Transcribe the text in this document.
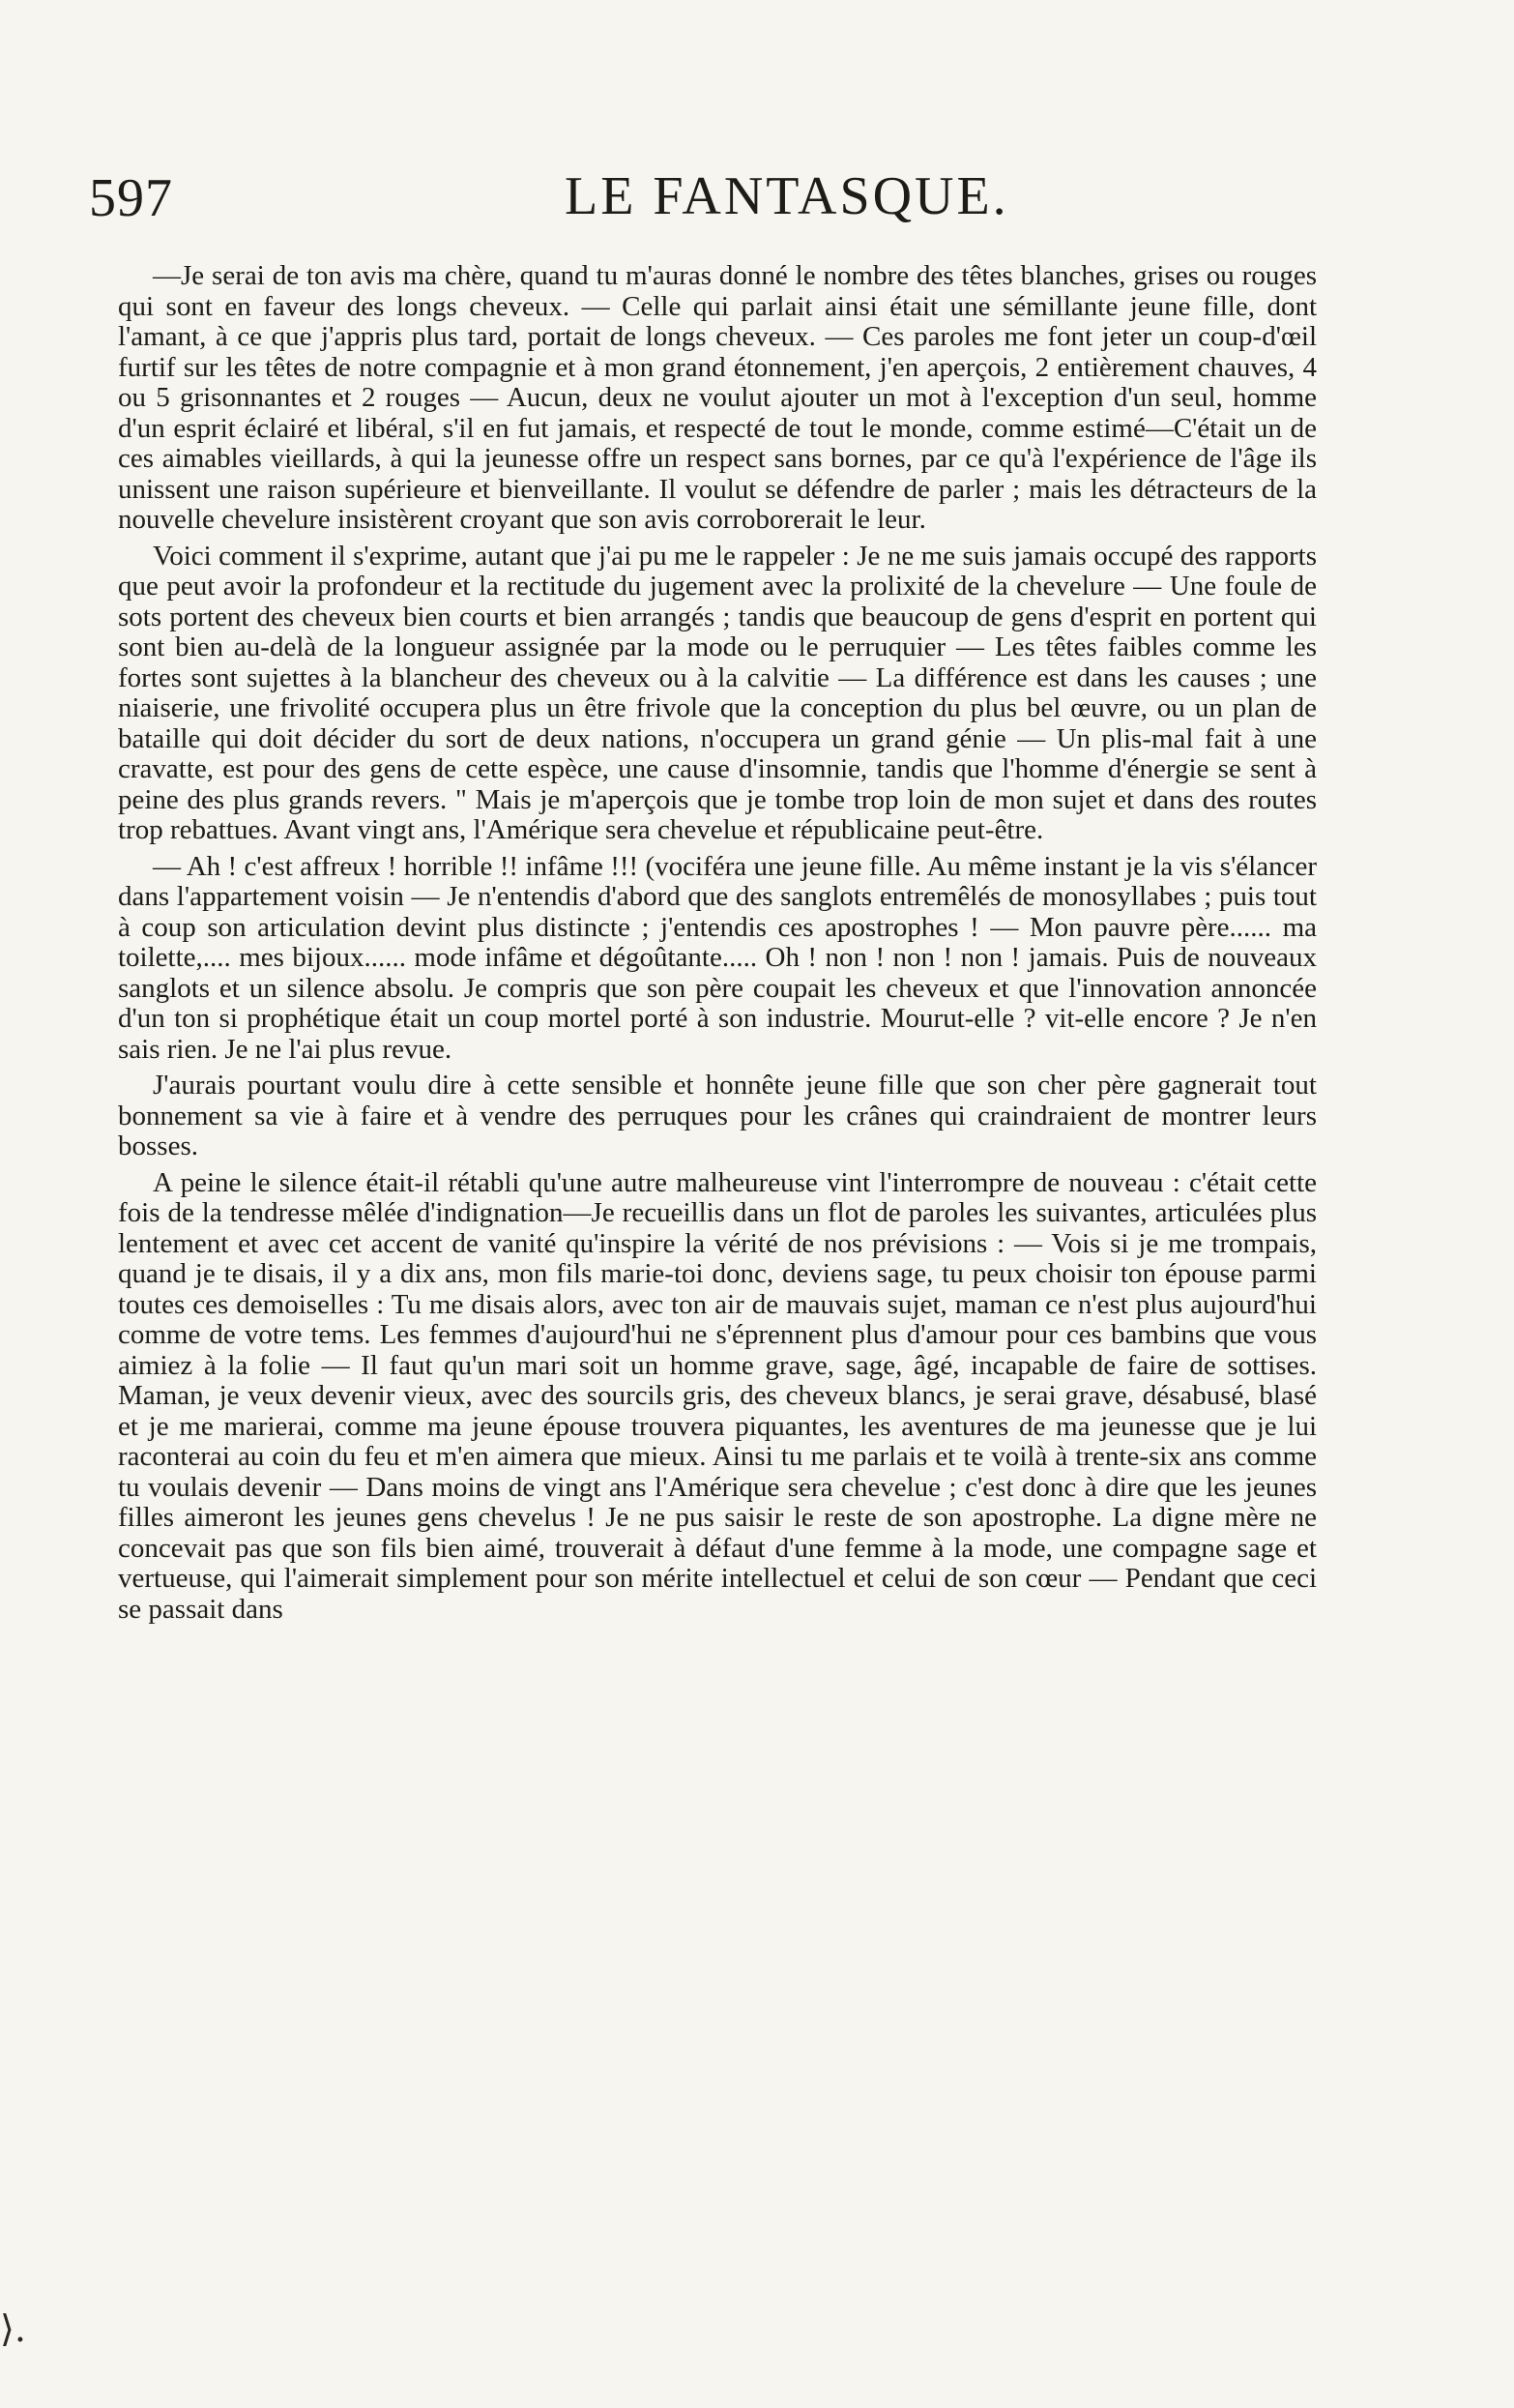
597	LE FANTASQUE.

—Je serai de ton avis ma chère, quand tu m'auras donné le nombre des têtes blanches, grises ou rouges qui sont en faveur des longs cheveux. — Celle qui parlait ainsi était une sémillante jeune fille, dont l'amant, à ce que j'appris plus tard, portait de longs cheveux. — Ces paroles me font jeter un coup-d'œil furtif sur les têtes de notre compagnie et à mon grand étonnement, j'en aperçois, 2 entièrement chauves, 4 ou 5 grisonnantes et 2 rouges — Aucun, deux ne voulut ajouter un mot à l'exception d'un seul, homme d'un esprit éclairé et libéral, s'il en fut jamais, et respecté de tout le monde, comme estimé—C'était un de ces aimables vieillards, à qui la jeunesse offre un respect sans bornes, par ce qu'à l'expérience de l'âge ils unissent une raison supérieure et bienveillante. Il voulut se défendre de parler ; mais les détracteurs de la nouvelle chevelure insistèrent croyant que son avis corroborerait le leur.

Voici comment il s'exprime, autant que j'ai pu me le rappeler : Je ne me suis jamais occupé des rapports que peut avoir la profondeur et la rectitude du jugement avec la prolixité de la chevelure — Une foule de sots portent des cheveux bien courts et bien arrangés ; tandis que beaucoup de gens d'esprit en portent qui sont bien au-delà de la longueur assignée par la mode ou le perruquier — Les têtes faibles comme les fortes sont sujettes à la blancheur des cheveux ou à la calvitie — La différence est dans les causes ; une niaiserie, une frivolité occupera plus un être frivole que la conception du plus bel œuvre, ou un plan de bataille qui doit décider du sort de deux nations, n'occupera un grand génie — Un plis-mal fait à une cravatte, est pour des gens de cette espèce, une cause d'insomnie, tandis que l'homme d'énergie se sent à peine des plus grands revers. " Mais je m'aperçois que je tombe trop loin de mon sujet et dans des routes trop rebattues. Avant vingt ans, l'Amérique sera chevelue et républicaine peut-être.

— Ah ! c'est affreux ! horrible !! infâme !!! (vociféra une jeune fille. Au même instant je la vis s'élancer dans l'appartement voisin — Je n'entendis d'abord que des sanglots entremêlés de monosyllabes ; puis tout à coup son articulation devint plus distincte ; j'entendis ces apostrophes ! — Mon pauvre père...... ma toilette,.... mes bijoux...... mode infâme et dégoûtante..... Oh ! non ! non ! non ! jamais. Puis de nouveaux sanglots et un silence absolu. Je compris que son père coupait les cheveux et que l'innovation annoncée d'un ton si prophétique était un coup mortel porté à son industrie. Mourut-elle ? vit-elle encore ? Je n'en sais rien. Je ne l'ai plus revue.

J'aurais pourtant voulu dire à cette sensible et honnête jeune fille que son cher père gagnerait tout bonnement sa vie à faire et à vendre des perruques pour les crânes qui craindraient de montrer leurs bosses.

A peine le silence était-il rétabli qu'une autre malheureuse vint l'interrompre de nouveau : c'était cette fois de la tendresse mêlée d'indignation—Je recueillis dans un flot de paroles les suivantes, articulées plus lentement et avec cet accent de vanité qu'inspire la vérité de nos prévisions : — Vois si je me trompais, quand je te disais, il y a dix ans, mon fils marie-toi donc, deviens sage, tu peux choisir ton épouse parmi toutes ces demoiselles : Tu me disais alors, avec ton air de mauvais sujet, maman ce n'est plus aujourd'hui comme de votre tems. Les femmes d'aujourd'hui ne s'éprennent plus d'amour pour ces bambins que vous aimiez à la folie — Il faut qu'un mari soit un homme grave, sage, âgé, incapable de faire de sottises. Maman, je veux devenir vieux, avec des sourcils gris, des cheveux blancs, je serai grave, désabusé, blasé et je me marierai, comme ma jeune épouse trouvera piquantes, les aventures de ma jeunesse que je lui raconterai au coin du feu et m'en aimera que mieux. Ainsi tu me parlais et te voilà à trente-six ans comme tu voulais devenir — Dans moins de vingt ans l'Amérique sera chevelue ; c'est donc à dire que les jeunes filles aimeront les jeunes gens chevelus ! Je ne pus saisir le reste de son apostrophe. La digne mère ne concevait pas que son fils bien aimé, trouverait à défaut d'une femme à la mode, une compagne sage et vertueuse, qui l'aimerait simplement pour son mérite intellectuel et celui de son cœur — Pendant que ceci se passait dans

⟩.
